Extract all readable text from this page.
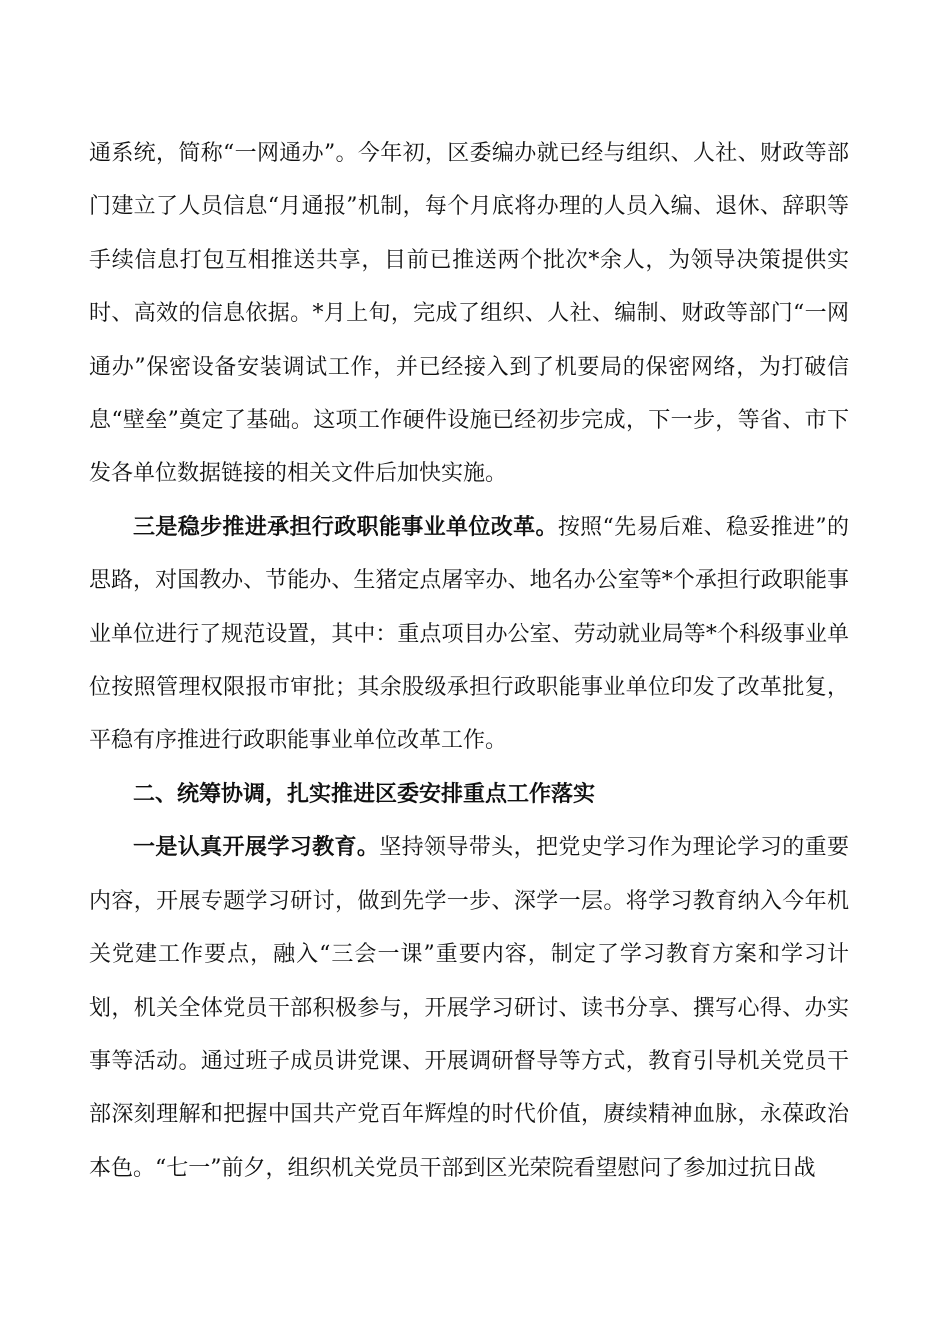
通系统，简称“一网通办”。今年初，区委编办就已经与组织、人社、财政等部门建立了人员信息“月通报”机制，每个月底将办理的人员入编、退休、辞职等手续信息打包互相推送共享，目前已推送两个批次*余人，为领导决策提供实时、高效的信息依据。*月上旬，完成了组织、人社、编制、财政等部门“一网通办”保密设备安装调试工作，并已经接入到了机要局的保密网络，为打破信息“壁垒”奠定了基础。这项工作硬件设施已经初步完成，下一步，等省、市下发各单位数据链接的相关文件后加快实施。

三是稳步推进承担行政职能事业单位改革。按照“先易后难、稳妥推进”的思路，对国教办、节能办、生猪定点屠宰办、地名办公室等*个承担行政职能事业单位进行了规范设置，其中：重点项目办公室、劳动就业局等*个科级事业单位按照管理权限报市审批；其余股级承担行政职能事业单位印发了改革批复，平稳有序推进行政职能事业单位改革工作。

二、统筹协调，扎实推进区委安排重点工作落实

一是认真开展学习教育。坚持领导带头，把党史学习作为理论学习的重要内容，开展专题学习研讨，做到先学一步、深学一层。将学习教育纳入今年机关党建工作要点，融入“三会一课”重要内容，制定了学习教育方案和学习计划，机关全体党员干部积极参与，开展学习研讨、读书分享、撰写心得、办实事等活动。通过班子成员讲党课、开展调研督导等方式，教育引导机关党员干部深刻理解和把握中国共产党百年辉煌的时代价值，赓续精神血脉，永葆政治本色。“七一”前夕，组织机关党员干部到区光荣院看望慰问了参加过抗日战
